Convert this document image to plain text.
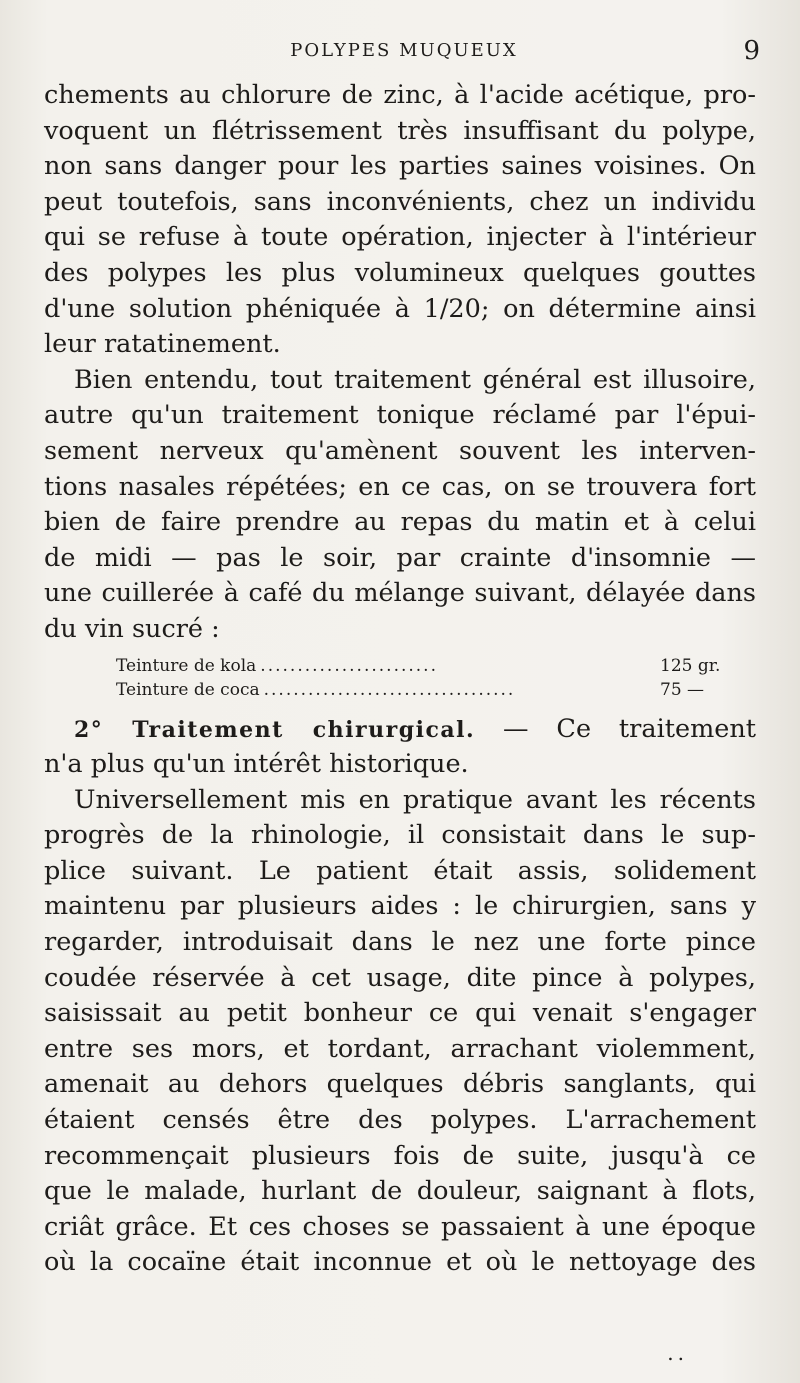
POLYPES MUQUEUX	9
chements au chlorure de zinc, à l'acide acétique, pro-
voquent un flétrissement très insuffisant du polype,
non sans danger pour les parties saines voisines. On
peut toutefois, sans inconvénients, chez un individu
qui se refuse à toute opération, injecter à l'intérieur
des polypes les plus volumineux quelques gouttes
d'une solution phéniquée à 1/20; on détermine ainsi
leur ratatinement.
Bien entendu, tout traitement général est illusoire,
autre qu'un traitement tonique réclamé par l'épui-
sement nerveux qu'amènent souvent les interven-
tions nasales répétées; en ce cas, on se trouvera fort
bien de faire prendre au repas du matin et à celui
de midi — pas le soir, par crainte d'insomnie —
une cuillerée à café du mélange suivant, délayée dans
du vin sucré :
Teinture de kola ........................	125 gr.
Teinture de coca ..................................	75 —
2° Traitement chirurgical. — Ce traitement
n'a plus qu'un intérêt historique.
Universellement mis en pratique avant les récents
progrès de la rhinologie, il consistait dans le sup-
plice suivant. Le patient était assis, solidement
maintenu par plusieurs aides : le chirurgien, sans y
regarder, introduisait dans le nez une forte pince
coudée réservée à cet usage, dite pince à polypes,
saisissait au petit bonheur ce qui venait s'engager
entre ses mors, et tordant, arrachant violemment,
amenait au dehors quelques débris sanglants, qui
étaient censés être des polypes. L'arrachement
recommençait plusieurs fois de suite, jusqu'à ce
que le malade, hurlant de douleur, saignant à flots,
criât grâce. Et ces choses se passaient à une époque
où la cocaïne était inconnue et où le nettoyage des
..
